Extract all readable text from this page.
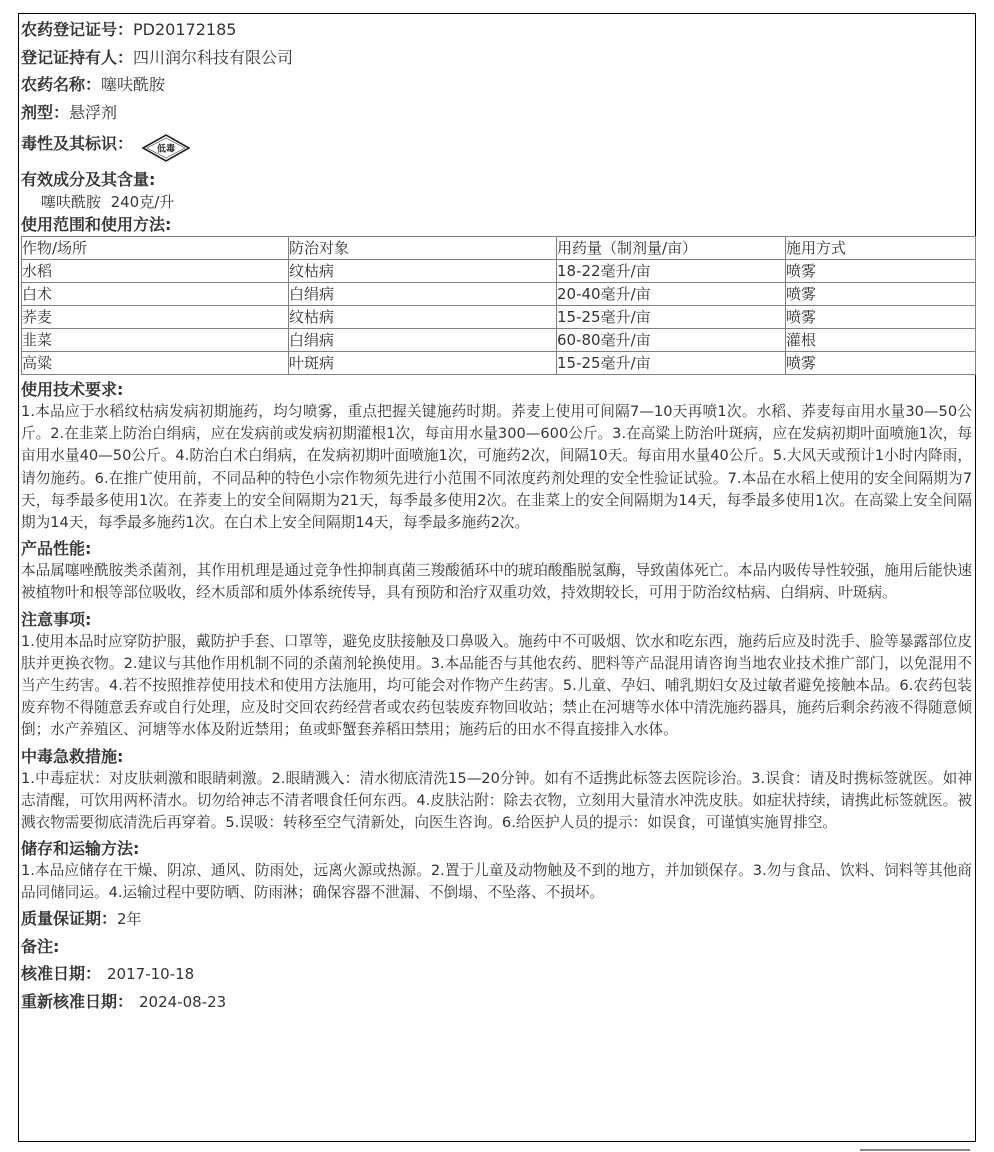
农药登记证号：PD20172185
登记证持有人：四川润尔科技有限公司
农药名称：噻呋酰胺
剂型：悬浮剂
毒性及其标识：	低毒
有效成分及其含量:
噻呋酰胺 240克/升
使用范围和使用方法:
作物/场所	防治对象	用药量（制剂量/亩）	施用方式
水稻	纹枯病	18-22毫升/亩	喷雾
白术	白绢病	20-40毫升/亩	喷雾
荞麦	纹枯病	15-25毫升/亩	喷雾
韭菜	白绢病	60-80毫升/亩	灌根
高粱	叶斑病	15-25毫升/亩	喷雾
使用技术要求:
1.本品应于水稻纹枯病发病初期施药，均匀喷雾，重点把握关键施药时期。荞麦上使用可间隔7—10天再喷1次。水稻、荞麦每亩用水量30—50公斤。2.在韭菜上防治白绢病，应在发病前或发病初期灌根1次，每亩用水量300—600公斤。3.在高粱上防治叶斑病，应在发病初期叶面喷施1次，每亩用水量40—50公斤。4.防治白术白绢病，在发病初期叶面喷施1次，可施药2次，间隔10天。每亩用水量40公斤。5.大风天或预计1小时内降雨，请勿施药。6.在推广使用前，不同品种的特色小宗作物须先进行小范围不同浓度药剂处理的安全性验证试验。7.本品在水稻上使用的安全间隔期为7天，每季最多使用1次。在荞麦上的安全间隔期为21天，每季最多使用2次。在韭菜上的安全间隔期为14天，每季最多使用1次。在高粱上安全间隔期为14天，每季最多施药1次。在白术上安全间隔期14天，每季最多施药2次。
产品性能:
本品属噻唑酰胺类杀菌剂，其作用机理是通过竞争性抑制真菌三羧酸循环中的琥珀酸酯脱氢酶，导致菌体死亡。本品内吸传导性较强，施用后能快速被植物叶和根等部位吸收，经木质部和质外体系统传导，具有预防和治疗双重功效，持效期较长，可用于防治纹枯病、白绢病、叶斑病。
注意事项:
1.使用本品时应穿防护服，戴防护手套、口罩等，避免皮肤接触及口鼻吸入。施药中不可吸烟、饮水和吃东西，施药后应及时洗手、脸等暴露部位皮肤并更换衣物。2.建议与其他作用机制不同的杀菌剂轮换使用。3.本品能否与其他农药、肥料等产品混用请咨询当地农业技术推广部门，以免混用不当产生药害。4.若不按照推荐使用技术和使用方法施用，均可能会对作物产生药害。5.儿童、孕妇、哺乳期妇女及过敏者避免接触本品。6.农药包装废弃物不得随意丢弃或自行处理，应及时交回农药经营者或农药包装废弃物回收站；禁止在河塘等水体中清洗施药器具，施药后剩余药液不得随意倾倒；水产养殖区、河塘等水体及附近禁用；鱼或虾蟹套养稻田禁用；施药后的田水不得直接排入水体。
中毒急救措施:
1.中毒症状：对皮肤刺激和眼睛刺激。2.眼睛溅入：清水彻底清洗15—20分钟。如有不适携此标签去医院诊治。3.误食：请及时携标签就医。如神志清醒，可饮用两杯清水。切勿给神志不清者喂食任何东西。4.皮肤沾附：除去衣物，立刻用大量清水冲洗皮肤。如症状持续，请携此标签就医。被溅衣物需要彻底清洗后再穿着。5.误吸：转移至空气清新处，向医生咨询。6.给医护人员的提示：如误食，可谨慎实施胃排空。
储存和运输方法:
1.本品应储存在干燥、阴凉、通风、防雨处，远离火源或热源。2.置于儿童及动物触及不到的地方，并加锁保存。3.勿与食品、饮料、饲料等其他商品同储同运。4.运输过程中要防晒、防雨淋；确保容器不泄漏、不倒塌、不坠落、不损坏。
质量保证期：2年
备注:
核准日期： 2017-10-18
重新核准日期： 2024-08-23
